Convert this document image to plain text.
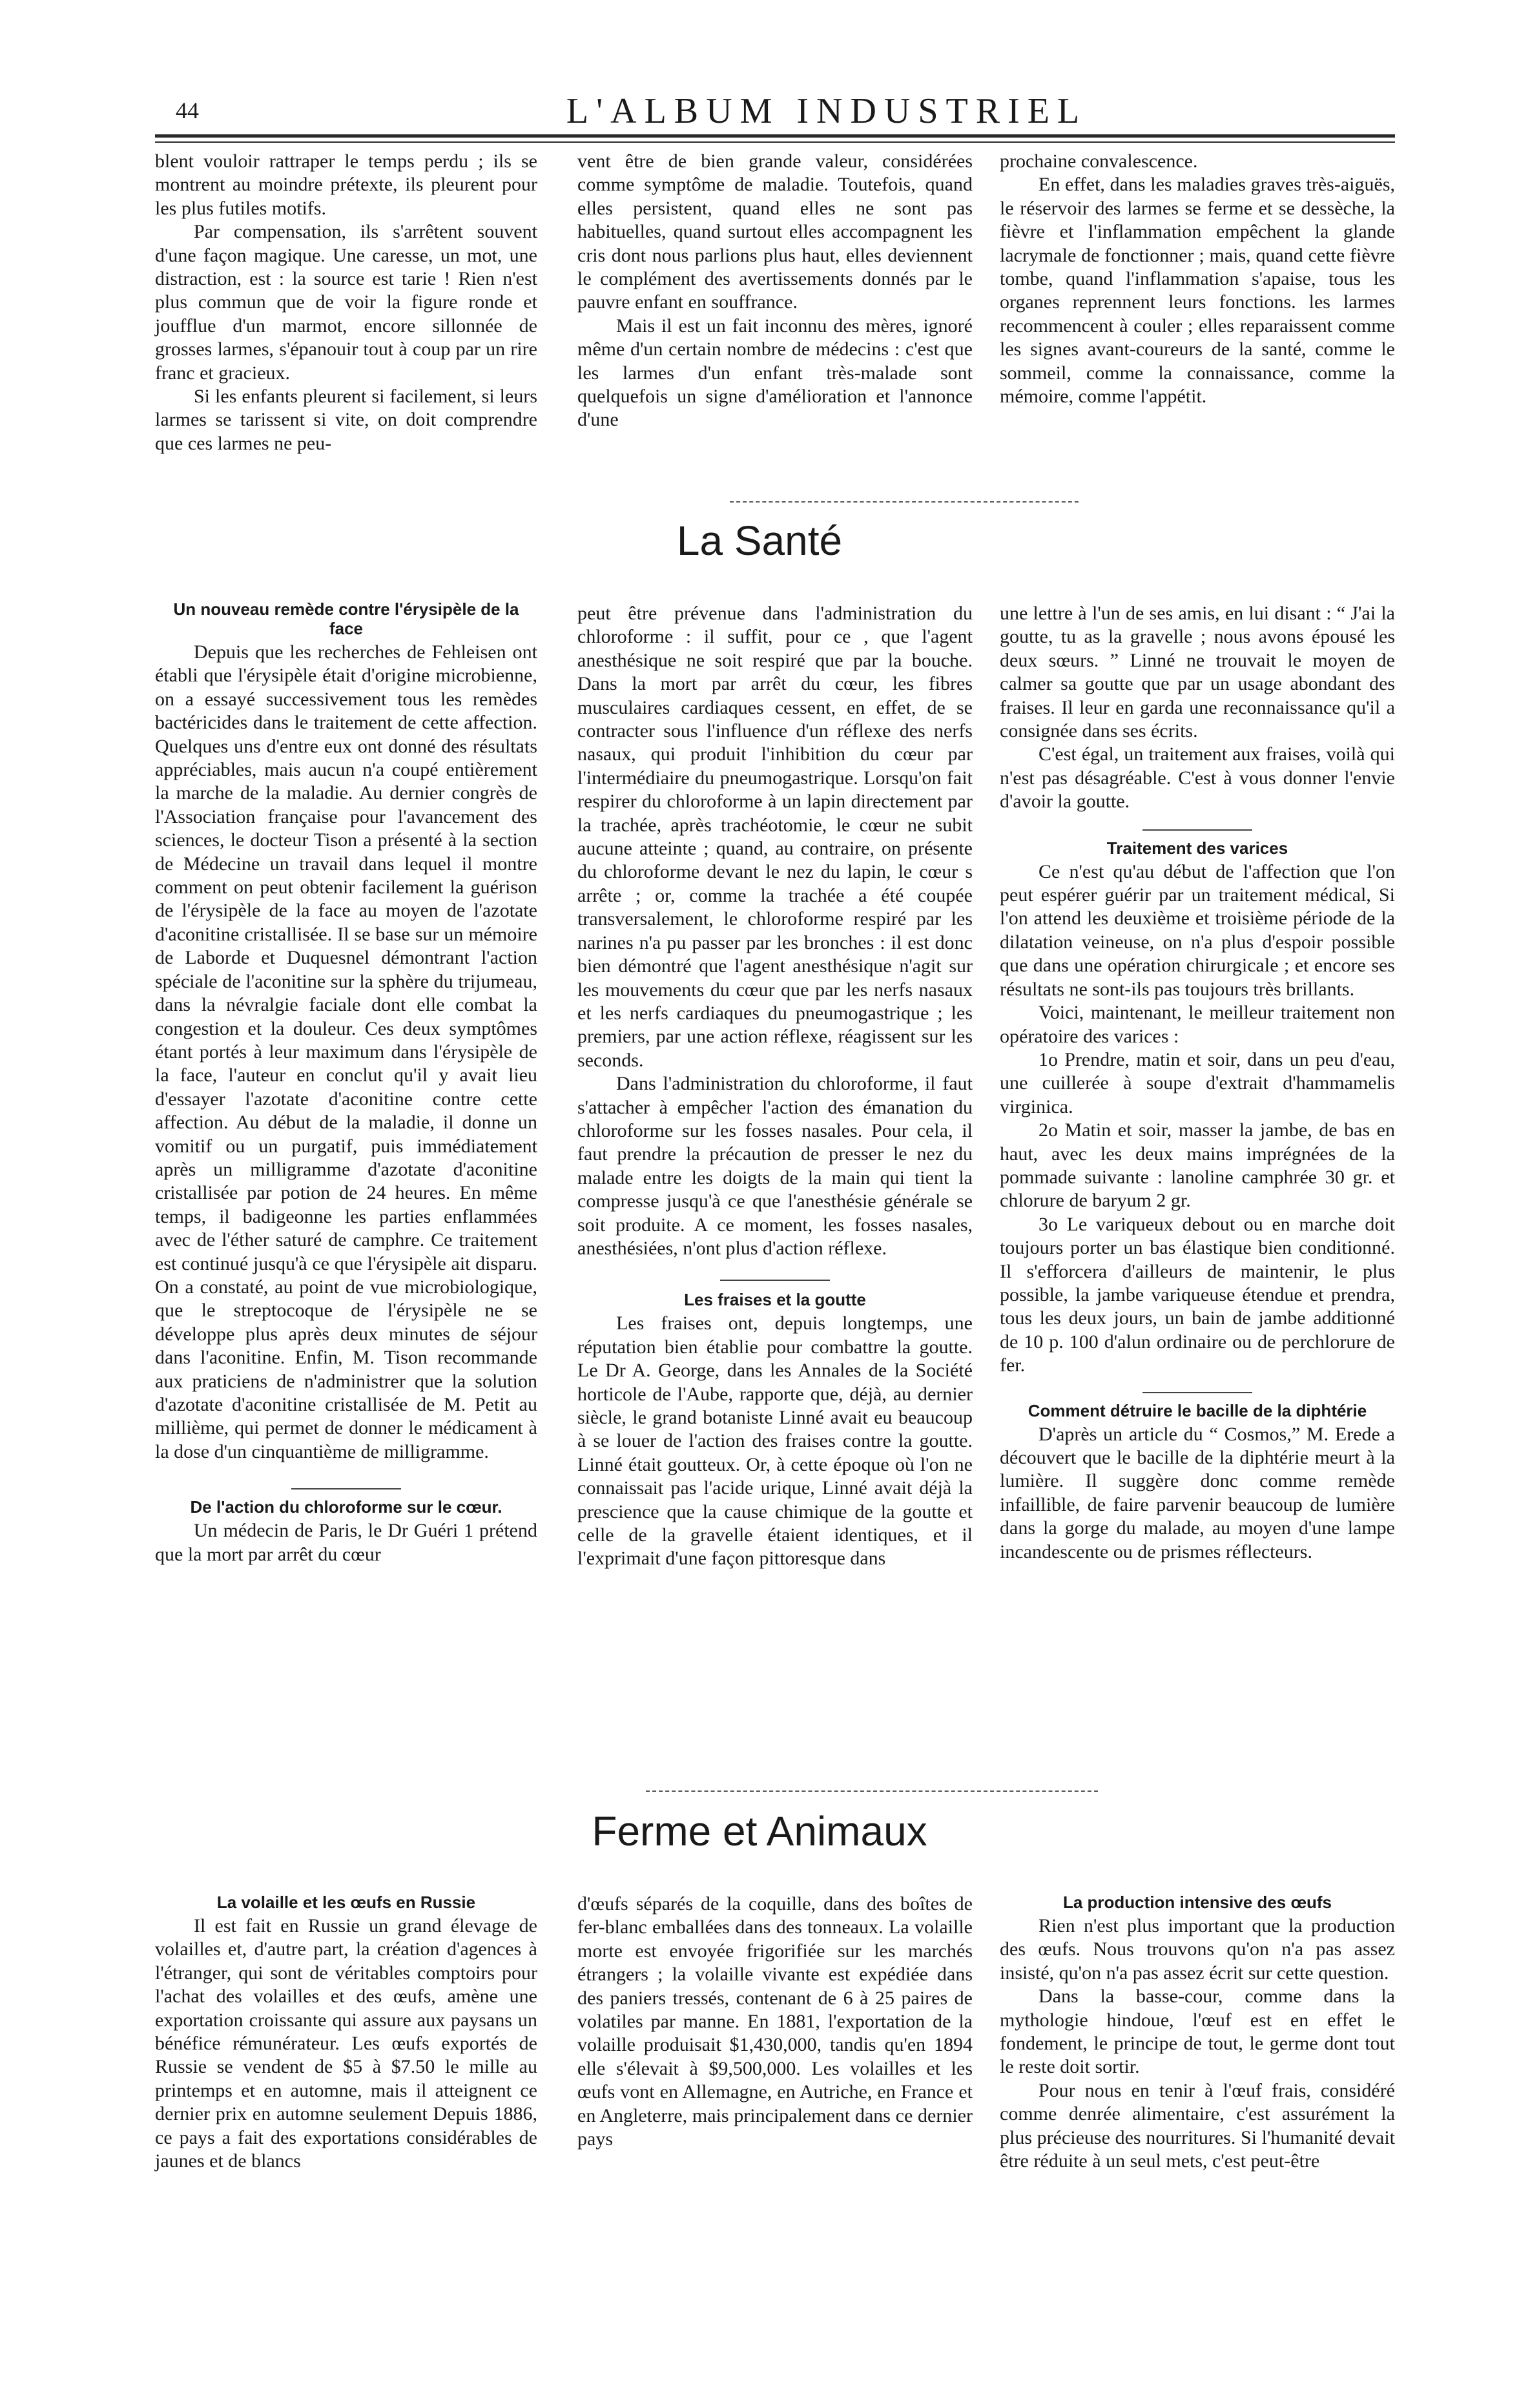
44	L'ALBUM INDUSTRIEL

blent vouloir rattraper le temps perdu ; ils se montrent au moindre prétexte, ils pleurent pour les plus futiles motifs.

Par compensation, ils s'arrêtent souvent d'une façon magique. Une caresse, un mot, une distraction, est : la source est tarie ! Rien n'est plus commun que de voir la figure ronde et joufflue d'un marmot, encore sillonnée de grosses larmes, s'épanouir tout à coup par un rire franc et gracieux.

Si les enfants pleurent si facilement, si leurs larmes se tarissent si vite, on doit comprendre que ces larmes ne peu-

vent être de bien grande valeur, considérées comme symptôme de maladie. Toutefois, quand elles persistent, quand elles ne sont pas habituelles, quand surtout elles accompagnent les cris dont nous parlions plus haut, elles deviennent le complément des avertissements donnés par le pauvre enfant en souffrance.

Mais il est un fait inconnu des mères, ignoré même d'un certain nombre de médecins : c'est que les larmes d'un enfant très-malade sont quelquefois un signe d'amélioration et l'annonce d'une

prochaine convalescence.

En effet, dans les maladies graves très-aiguës, le réservoir des larmes se ferme et se dessèche, la fièvre et l'inflammation empêchent la glande lacrymale de fonctionner ; mais, quand cette fièvre tombe, quand l'inflammation s'apaise, tous les organes reprennent leurs fonctions. les larmes recommencent à couler ; elles reparaissent comme les signes avant-coureurs de la santé, comme le sommeil, comme la connaissance, comme la mémoire, comme l'appétit.

La Santé
Un nouveau remède contre l'érysipèle de la face

Depuis que les recherches de Fehleisen ont établi que l'érysipèle était d'origine microbienne, on a essayé successivement tous les remèdes bactéricides dans le traitement de cette affection. Quelques uns d'entre eux ont donné des résultats appréciables, mais aucun n'a coupé entièrement la marche de la maladie. Au dernier congrès de l'Association française pour l'avancement des sciences, le docteur Tison a présenté à la section de Médecine un travail dans lequel il montre comment on peut obtenir facilement la guérison de l'érysipèle de la face au moyen de l'azotate d'aconitine cristallisée. Il se base sur un mémoire de Laborde et Duquesnel démontrant l'action spéciale de l'aconitine sur la sphère du trijumeau, dans la névralgie faciale dont elle combat la congestion et la douleur. Ces deux symptômes étant portés à leur maximum dans l'érysipèle de la face, l'auteur en conclut qu'il y avait lieu d'essayer l'azotate d'aconitine contre cette affection. Au début de la maladie, il donne un vomitif ou un purgatif, puis immédiatement après un milligramme d'azotate d'aconitine cristallisée par potion de 24 heures. En même temps, il badigeonne les parties enflammées avec de l'éther saturé de camphre. Ce traitement est continué jusqu'à ce que l'érysipèle ait disparu. On a constaté, au point de vue microbiologique, que le streptocoque de l'érysipèle ne se développe plus après deux minutes de séjour dans l'aconitine. Enfin, M. Tison recommande aux praticiens de n'administrer que la solution d'azotate d'aconitine cristallisée de M. Petit au millième, qui permet de donner le médicament à la dose d'un cinquantième de milligramme.

De l'action du chloroforme sur le cœur.

Un médecin de Paris, le Dr Guéri 1 prétend que la mort par arrêt du cœur

peut être prévenue dans l'administration du chloroforme : il suffit, pour ce , que l'agent anesthésique ne soit respiré que par la bouche. Dans la mort par arrêt du cœur, les fibres musculaires cardiaques cessent, en effet, de se contracter sous l'influence d'un réflexe des nerfs nasaux, qui produit l'inhibition du cœur par l'intermédiaire du pneumogastrique. Lorsqu'on fait respirer du chloroforme à un lapin directement par la trachée, après trachéotomie, le cœur ne subit aucune atteinte ; quand, au contraire, on présente du chloroforme devant le nez du lapin, le cœur s arrête ; or, comme la trachée a été coupée transversalement, le chloroforme respiré par les narines n'a pu passer par les bronches : il est donc bien démontré que l'agent anesthésique n'agit sur les mouvements du cœur que par les nerfs nasaux et les nerfs cardiaques du pneumogastrique ; les premiers, par une action réflexe, réagissent sur les seconds.

Dans l'administration du chloroforme, il faut s'attacher à empêcher l'action des émanation du chloroforme sur les fosses nasales. Pour cela, il faut prendre la précaution de presser le nez du malade entre les doigts de la main qui tient la compresse jusqu'à ce que l'anesthésie générale se soit produite. A ce moment, les fosses nasales, anesthésiées, n'ont plus d'action réflexe.

Les fraises et la goutte

Les fraises ont, depuis longtemps, une réputation bien établie pour combattre la goutte. Le Dr A. George, dans les Annales de la Société horticole de l'Aube, rapporte que, déjà, au dernier siècle, le grand botaniste Linné avait eu beaucoup à se louer de l'action des fraises contre la goutte. Linné était goutteux. Or, à cette époque où l'on ne connaissait pas l'acide urique, Linné avait déjà la prescience que la cause chimique de la goutte et celle de la gravelle étaient identiques, et il l'exprimait d'une façon pittoresque dans

une lettre à l'un de ses amis, en lui disant : “ J'ai la goutte, tu as la gravelle ; nous avons épousé les deux sœurs. ” Linné ne trouvait le moyen de calmer sa goutte que par un usage abondant des fraises. Il leur en garda une reconnaissance qu'il a consignée dans ses écrits.

C'est égal, un traitement aux fraises, voilà qui n'est pas désagréable. C'est à vous donner l'envie d'avoir la goutte.

Traitement des varices

Ce n'est qu'au début de l'affection que l'on peut espérer guérir par un traitement médical, Si l'on attend les deuxième et troisième période de la dilatation veineuse, on n'a plus d'espoir possible que dans une opération chirurgicale ; et encore ses résultats ne sont-ils pas toujours très brillants.

Voici, maintenant, le meilleur traitement non opératoire des varices :

1o Prendre, matin et soir, dans un peu d'eau, une cuillerée à soupe d'extrait d'hammamelis virginica.

2o Matin et soir, masser la jambe, de bas en haut, avec les deux mains imprégnées de la pommade suivante : lanoline camphrée 30 gr. et chlorure de baryum 2 gr.

3o Le variqueux debout ou en marche doit toujours porter un bas élastique bien conditionné. Il s'efforcera d'ailleurs de maintenir, le plus possible, la jambe variqueuse étendue et prendra, tous les deux jours, un bain de jambe additionné de 10 p. 100 d'alun ordinaire ou de perchlorure de fer.

Comment détruire le bacille de la diphtérie

D'après un article du “ Cosmos,” M. Erede a découvert que le bacille de la diphtérie meurt à la lumière. Il suggère donc comme remède infaillible, de faire parvenir beaucoup de lumière dans la gorge du malade, au moyen d'une lampe incandescente ou de prismes réflecteurs.

Ferme et Animaux
La volaille et les œufs en Russie

Il est fait en Russie un grand élevage de volailles et, d'autre part, la création d'agences à l'étranger, qui sont de véritables comptoirs pour l'achat des volailles et des œufs, amène une exportation croissante qui assure aux paysans un bénéfice rémunérateur. Les œufs exportés de Russie se vendent de $5 à $7.50 le mille au printemps et en automne, mais il atteignent ce dernier prix en automne seulement Depuis 1886, ce pays a fait des exportations considérables de jaunes et de blancs

d'œufs séparés de la coquille, dans des boîtes de fer-blanc emballées dans des tonneaux. La volaille morte est envoyée frigorifiée sur les marchés étrangers ; la volaille vivante est expédiée dans des paniers tressés, contenant de 6 à 25 paires de volatiles par manne. En 1881, l'exportation de la volaille produisait $1,430,000, tandis qu'en 1894 elle s'élevait à $9,500,000. Les volailles et les œufs vont en Allemagne, en Autriche, en France et en Angleterre, mais principalement dans ce dernier pays

La production intensive des œufs

Rien n'est plus important que la production des œufs. Nous trouvons qu'on n'a pas assez insisté, qu'on n'a pas assez écrit sur cette question.

Dans la basse-cour, comme dans la mythologie hindoue, l'œuf est en effet le fondement, le principe de tout, le germe dont tout le reste doit sortir.

Pour nous en tenir à l'œuf frais, considéré comme denrée alimentaire, c'est assurément la plus précieuse des nourritures. Si l'humanité devait être réduite à un seul mets, c'est peut-être
